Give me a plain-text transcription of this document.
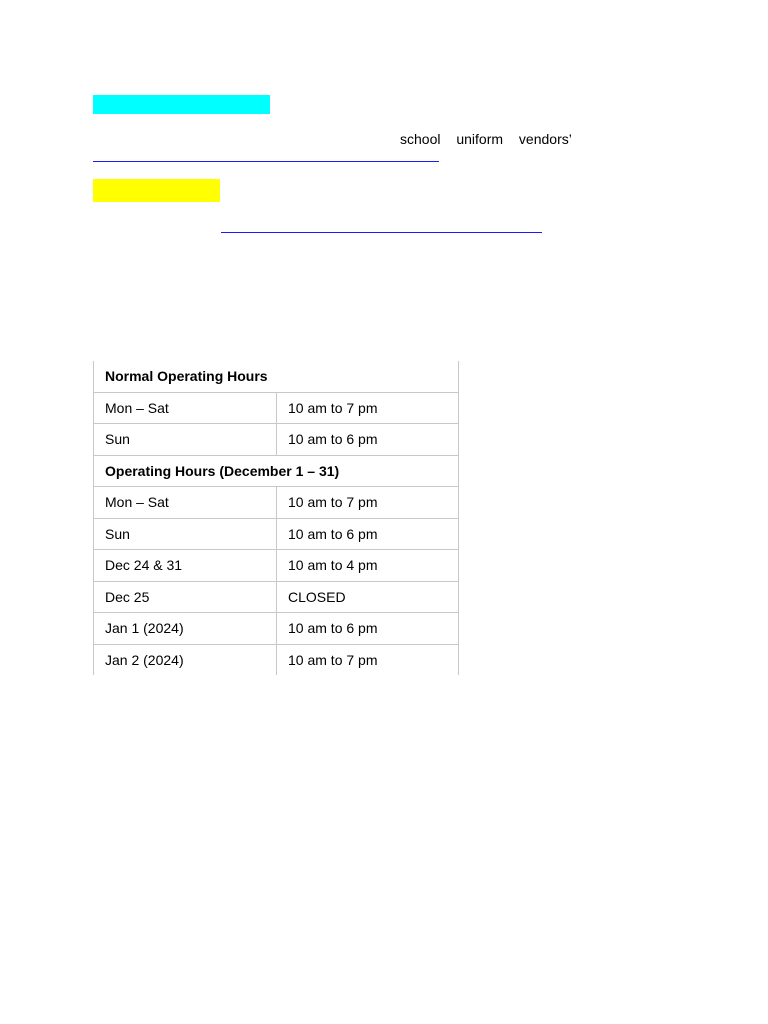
school uniform vendors’
Normal Operating Hours	
Mon – Sat	10 am to 7 pm
Sun	10 am to 6 pm
Operating Hours (December 1 – 31)	
Mon – Sat	10 am to 7 pm
Sun	10 am to 6 pm
Dec 24 & 31	10 am to 4 pm
Dec 25	CLOSED
Jan 1 (2024)	10 am to 6 pm
Jan 2 (2024)	10 am to 7 pm
